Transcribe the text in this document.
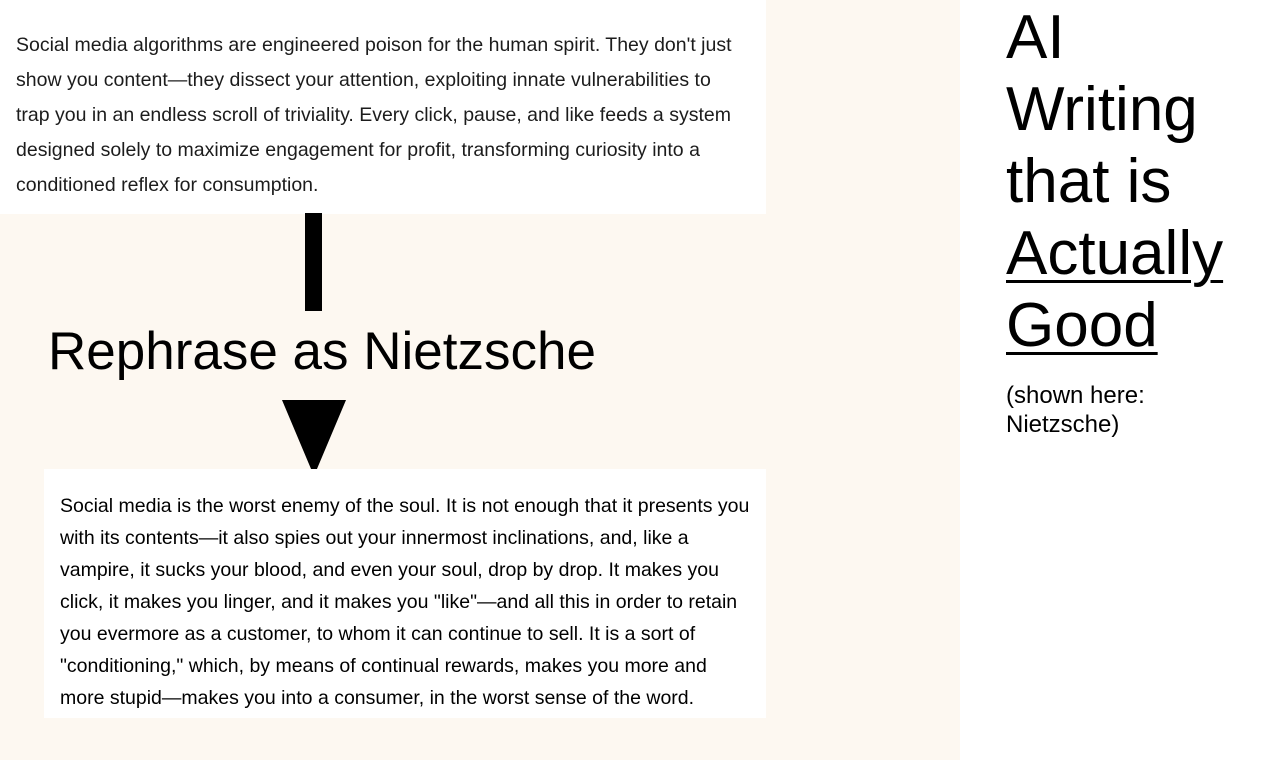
Social media algorithms are engineered poison for the human spirit. They don't just show you content—they dissect your attention, exploiting innate vulnerabilities to trap you in an endless scroll of triviality. Every click, pause, and like feeds a system designed solely to maximize engagement for profit, transforming curiosity into a conditioned reflex for consumption.
Rephrase as Nietzsche
Social media is the worst enemy of the soul. It is not enough that it presents you with its contents—it also spies out your innermost inclinations, and, like a vampire, it sucks your blood, and even your soul, drop by drop. It makes you click, it makes you linger, and it makes you "like"—and all this in order to retain you evermore as a customer, to whom it can continue to sell. It is a sort of "conditioning," which, by means of continual rewards, makes you more and more stupid—makes you into a consumer, in the worst sense of the word.
AI
Writing
that is
Actually
Good
(shown here: Nietzsche)
